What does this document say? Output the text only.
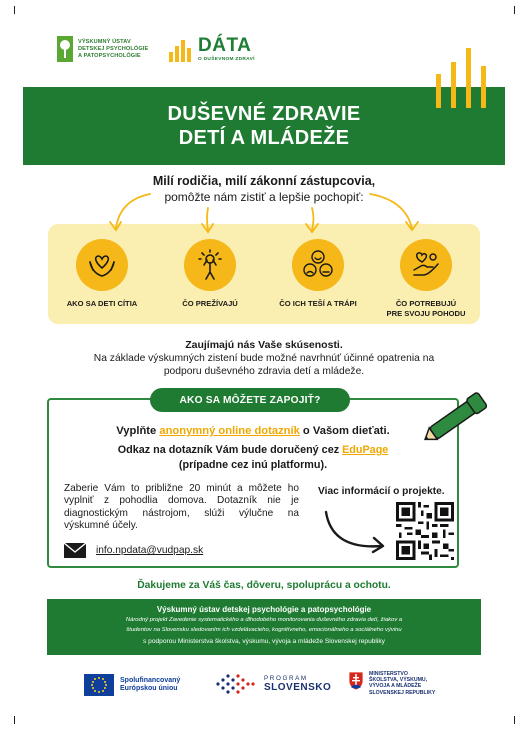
VÝSKUMNÝ ÚSTAV
DETSKEJ PSYCHOLÓGIE
A PATOPSYCHOLÓGIE	DÁTA
O DUŠEVNOM ZDRAVÍ
DUŠEVNÉ ZDRAVIE
DETÍ A MLÁDEŽE
Milí rodičia, milí zákonní zástupcovia,
pomôžte nám zistiť a lepšie pochopiť:
AKO SA DETI CÍTIA	ČO PREŽÍVAJÚ	ČO ICH TEŠÍ A TRÁPI	ČO POTREBUJÚ
PRE SVOJU POHODU
Zaujímajú nás Vaše skúsenosti.
Na základe výskumných zistení bude možné navrhnúť účinné opatrenia na
podporu duševného zdravia detí a mládeže.
AKO SA MÔŽETE ZAPOJIŤ?
Vyplňte anonymný online dotazník o Vašom dieťati.
Odkaz na dotazník Vám bude doručený cez EduPage
(prípadne cez inú platformu).
Zaberie Vám to približne 20 minút a môžete ho vyplniť z pohodlia domova. Dotazník nie je diagnostickým nástrojom, slúži výlučne na výskumné účely.
info.npdata@vudpap.sk
Viac informácií o projekte.
Ďakujeme za Váš čas, dôveru, spoluprácu a ochotu.
Výskumný ústav detskej psychológie a patopsychológie
Národný projekt Zavedenie systematického a dlhodobého monitorovania duševného zdravia detí, žiakov a
študentov na Slovensku sledovaním ich vzdelávacieho, kognitívneho, emocionálneho a sociálneho vývinu
s podporou Ministerstva školstva, výskumu, vývoja a mládeže Slovenskej republiky
Spolufinancovaný
Európskou úniou
PROGRAM
SLOVENSKO
MINISTERSTVO
ŠKOLSTVA, VÝSKUMU,
VÝVOJA A MLÁDEŽE
SLOVENSKEJ REPUBLIKY
